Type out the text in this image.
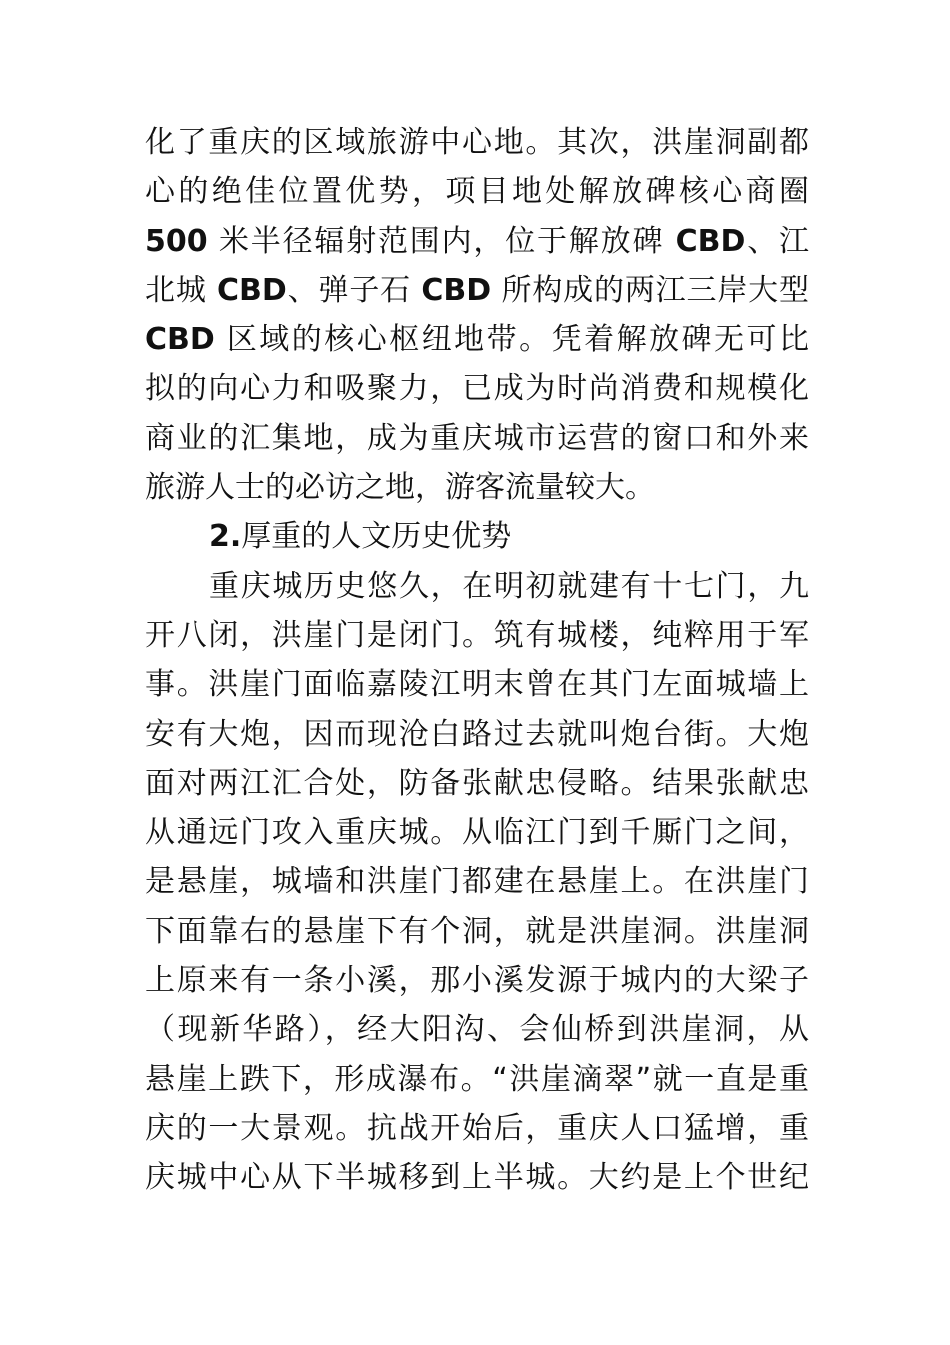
化了重庆的区域旅游中心地。其次，洪崖洞副都
心的绝佳位置优势，项目地处解放碑核心商圈
500 米半径辐射范围内，位于解放碑 CBD、江
北城 CBD、弹子石 CBD 所构成的两江三岸大型
CBD 区域的核心枢纽地带。凭着解放碑无可比
拟的向心力和吸聚力，已成为时尚消费和规模化
商业的汇集地，成为重庆城市运营的窗口和外来
旅游人士的必访之地，游客流量较大。
2.厚重的人文历史优势
重庆城历史悠久，在明初就建有十七门，九
开八闭，洪崖门是闭门。筑有城楼，纯粹用于军
事。洪崖门面临嘉陵江明末曾在其门左面城墙上
安有大炮，因而现沧白路过去就叫炮台街。大炮
面对两江汇合处，防备张献忠侵略。结果张献忠
从通远门攻入重庆城。从临江门到千厮门之间，
是悬崖，城墙和洪崖门都建在悬崖上。在洪崖门
下面靠右的悬崖下有个洞，就是洪崖洞。洪崖洞
上原来有一条小溪，那小溪发源于城内的大梁子
（现新华路），经大阳沟、会仙桥到洪崖洞，从
悬崖上跌下，形成瀑布。“洪崖滴翠”就一直是重
庆的一大景观。抗战开始后，重庆人口猛增，重
庆城中心从下半城移到上半城。大约是上个世纪
